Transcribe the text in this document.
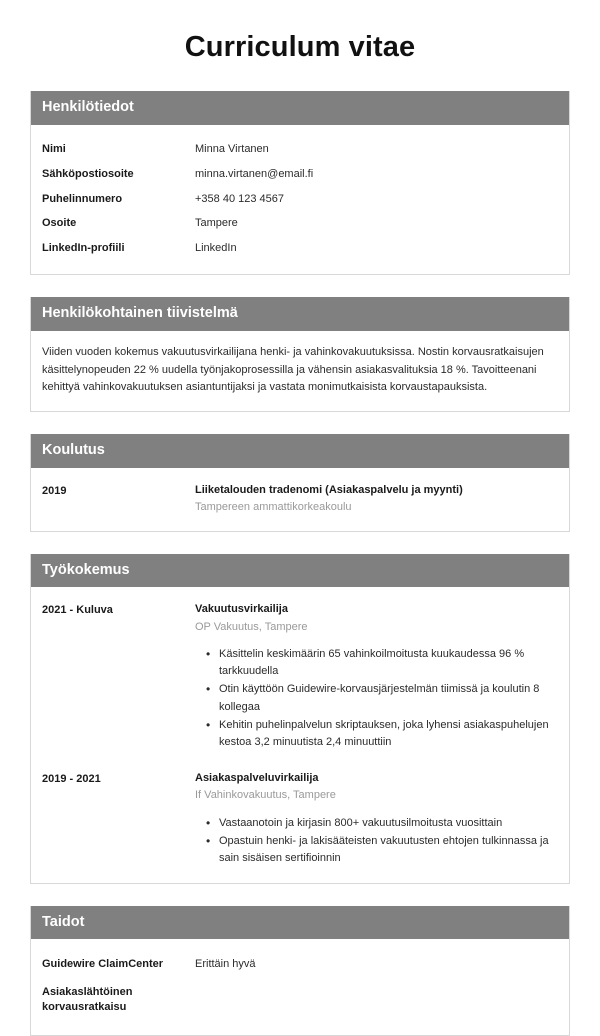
Curriculum vitae
Henkilötiedot
Nimi	Minna Virtanen
Sähköpostiosoite	minna.virtanen@email.fi
Puhelinnumero	+358 40 123 4567
Osoite	Tampere
LinkedIn-profiili	LinkedIn
Henkilökohtainen tiivistelmä

Viiden vuoden kokemus vakuutusvirkailijana henki- ja vahinkovakuutuksissa. Nostin korvausratkaisujen käsittelynopeuden 22 % uudella työnjakoprosessilla ja vähensin asiakasvalituksia 18 %. Tavoitteenani kehittyä vahinkovakuutuksen asiantuntijaksi ja vastata monimutkaisista korvaustapauksista.

Koulutus
2019	Liiketalouden tradenomi (Asiakaspalvelu ja myynti)
Tampereen ammattikorkeakoulu
Työkokemus
2021 - Kuluva	Vakuutusvirkailija
OP Vakuutus, Tampere
• Käsittelin keskimäärin 65 vahinkoilmoitusta kuukaudessa 96 % tarkkuudella
• Otin käyttöön Guidewire-korvausjärjestelmän tiimissä ja koulutin 8 kollegaa
• Kehitin puhelinpalvelun skriptauksen, joka lyhensi asiakaspuhelujen kestoa 3,2 minuutista 2,4 minuuttiin
2019 - 2021	Asiakaspalveluvirkailija
If Vahinkovakuutus, Tampere
• Vastaanotoin ja kirjasin 800+ vakuutusilmoitusta vuosittain
• Opastuin henki- ja lakisääteisten vakuutusten ehtojen tulkinnassa ja sain sisäisen sertifioinnin
Taidot
Guidewire ClaimCenter	Erittäin hyvä
Asiakaslähtöinen korvausratkaisu
